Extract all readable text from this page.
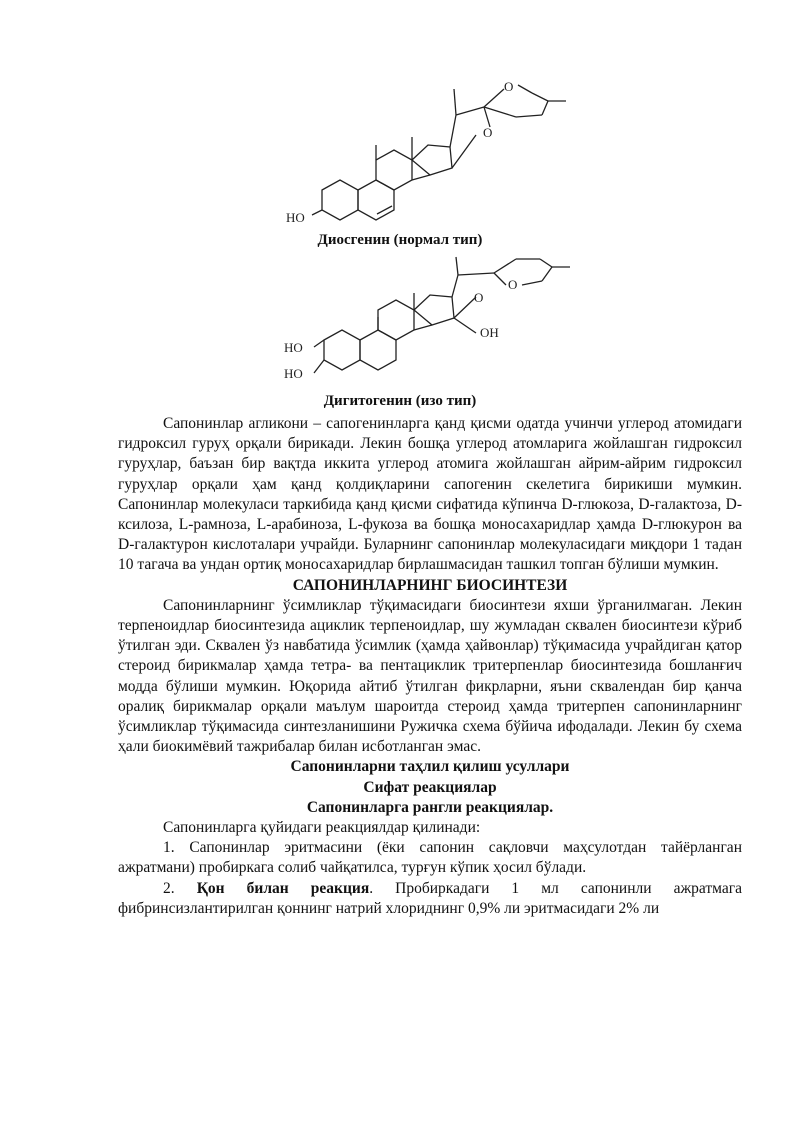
HO
O
O

Диосгенин (нормал тип)

HO
HO
OH
O
O

Дигитогенин (изо тип)

Сапонинлар агликони – сапогенинларга қанд қисми одатда учинчи углерод атомидаги гидроксил гуруҳ орқали бирикади. Лекин бошқа углерод атомларига жойлашган гидроксил гуруҳлар, баъзан бир вақтда иккита углерод атомига жойлашган айрим-айрим гидроксил гуруҳлар орқали ҳам қанд қолдиқларини сапогенин скелетига бирикиши мумкин. Сапонинлар молекуласи таркибида қанд қисми сифатида кўпинча D-глюкоза, D-галактоза, D-ксилоза, L-рамноза, L-арабиноза, L-фукоза ва бошқа моносахаридлар ҳамда D-глюкурон ва D-галактурон кислоталари учрайди. Буларнинг сапонинлар молекуласидаги миқдори 1 тадан 10 тагача ва ундан ортиқ моносахаридлар бирлашмасидан ташкил топган бўлиши мумкин.

САПОНИНЛАРНИНГ БИОСИНТЕЗИ

Сапонинларнинг ўсимликлар тўқимасидаги биосинтези яхши ўрганилмаган. Лекин терпеноидлар биосинтезида ациклик терпеноидлар, шу жумладан сквален биосинтези кўриб ўтилган эди. Сквален ўз навбатида ўсимлик (ҳамда ҳайвонлар) тўқимасида учрайдиган қатор стероид бирикмалар ҳамда тетра- ва пентациклик тритерпенлар биосинтезида бошланғич модда бўлиши мумкин. Юқорида айтиб ўтилган фикрларни, яъни сквалендан бир қанча оралиқ бирикмалар орқали маълум шароитда стероид ҳамда тритерпен сапонинларнинг ўсимликлар тўқимасида синтезланишини Ружичка схема бўйича ифодалади. Лекин бу схема ҳали биокимёвий тажрибалар билан исботланган эмас.

Сапонинларни таҳлил қилиш усуллари

Сифат реакциялар

Сапонинларга рангли реакциялар.

Сапонинларга қуйидаги реакциялдар қилинади:

1. Сапонинлар эритмасини (ёки сапонин сақловчи маҳсулотдан тайёрланган ажратмани) пробиркага солиб чайқатилса, турғун кўпик ҳосил бўлади.

2. Қон билан реакция. Пробиркадаги 1 мл сапонинли ажратмага фибринсизлантирилган қоннинг натрий хлориднинг 0,9% ли эритмасидаги 2% ли
